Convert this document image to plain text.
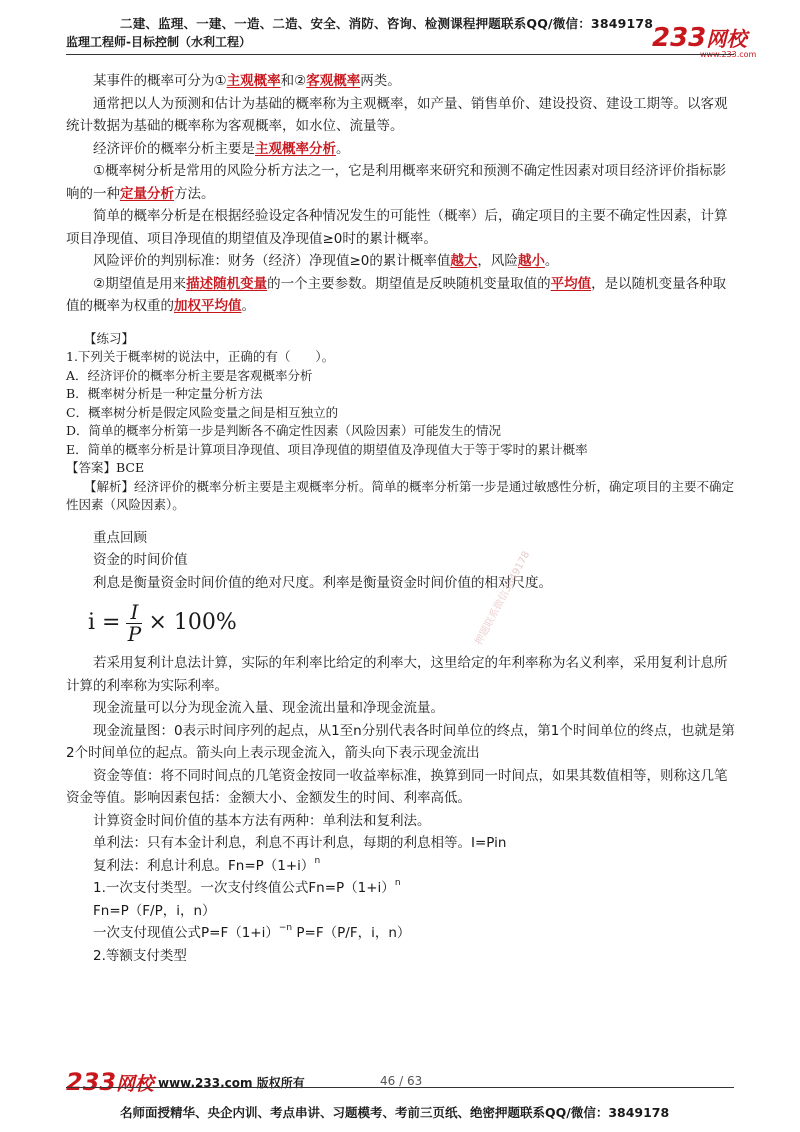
二建、监理、一建、一造、二造、安全、消防、咨询、检测课程押题联系QQ/微信：3849178
监理工程师-目标控制（水利工程）	233网校
www.233.com

某事件的概率可分为①主观概率和②客观概率两类。

通常把以人为预测和估计为基础的概率称为主观概率，如产量、销售单价、建设投资、建设工期等。以客观统计数据为基础的概率称为客观概率，如水位、流量等。

经济评价的概率分析主要是主观概率分析。

①概率树分析是常用的风险分析方法之一，它是利用概率来研究和预测不确定性因素对项目经济评价指标影响的一种定量分析方法。

简单的概率分析是在根据经验设定各种情况发生的可能性（概率）后，确定项目的主要不确定性因素，计算项目净现值、项目净现值的期望值及净现值≥0时的累计概率。

风险评价的判别标准：财务（经济）净现值≥0的累计概率值越大，风险越小。

②期望值是用来描述随机变量的一个主要参数。期望值是反映随机变量取值的平均值，是以随机变量各种取值的概率为权重的加权平均值。

【练习】

1.下列关于概率树的说法中，正确的有（　　）。

A．经济评价的概率分析主要是客观概率分析

B．概率树分析是一种定量分析方法

C．概率树分析是假定风险变量之间是相互独立的

D．简单的概率分析第一步是判断各不确定性因素（风险因素）可能发生的情况

E．简单的概率分析是计算项目净现值、项目净现值的期望值及净现值大于等于零时的累计概率

【答案】BCE

【解析】经济评价的概率分析主要是主观概率分析。简单的概率分析第一步是通过敏感性分析，确定项目的主要不确定性因素（风险因素）。

重点回顾

资金的时间价值

利息是衡量资金时间价值的绝对尺度。利率是衡量资金时间价值的相对尺度。

$i = \frac{I}{P} \times 100\%$

若采用复利计息法计算，实际的年利率比给定的利率大，这里给定的年利率称为名义利率，采用复利计息所计算的利率称为实际利率。

现金流量可以分为现金流入量、现金流出量和净现金流量。

现金流量图：0表示时间序列的起点，从1至n分别代表各时间单位的终点，第1个时间单位的终点，也就是第2个时间单位的起点。箭头向上表示现金流入，箭头向下表示现金流出

资金等值：将不同时间点的几笔资金按同一收益率标准，换算到同一时间点，如果其数值相等，则称这几笔资金等值。影响因素包括：金额大小、金额发生的时间、利率高低。

计算资金时间价值的基本方法有两种：单利法和复利法。

单利法：只有本金计利息，利息不再计利息，每期的利息相等。I=Pin

复利法：利息计利息。$Fn=P(1+i)^n$

1.一次支付类型。一次支付终值公式$Fn=P(1+i)^n$

Fn=P（F/P，i，n）

一次支付现值公式$P=F(1+i)^{-n}$ P=F（P/F，i，n）

2.等额支付类型

押题联系微信3849178
233网校 www.233.com 版权所有	46 / 63
名师面授精华、央企内训、考点串讲、习题模考、考前三页纸、绝密押题联系QQ/微信：3849178
